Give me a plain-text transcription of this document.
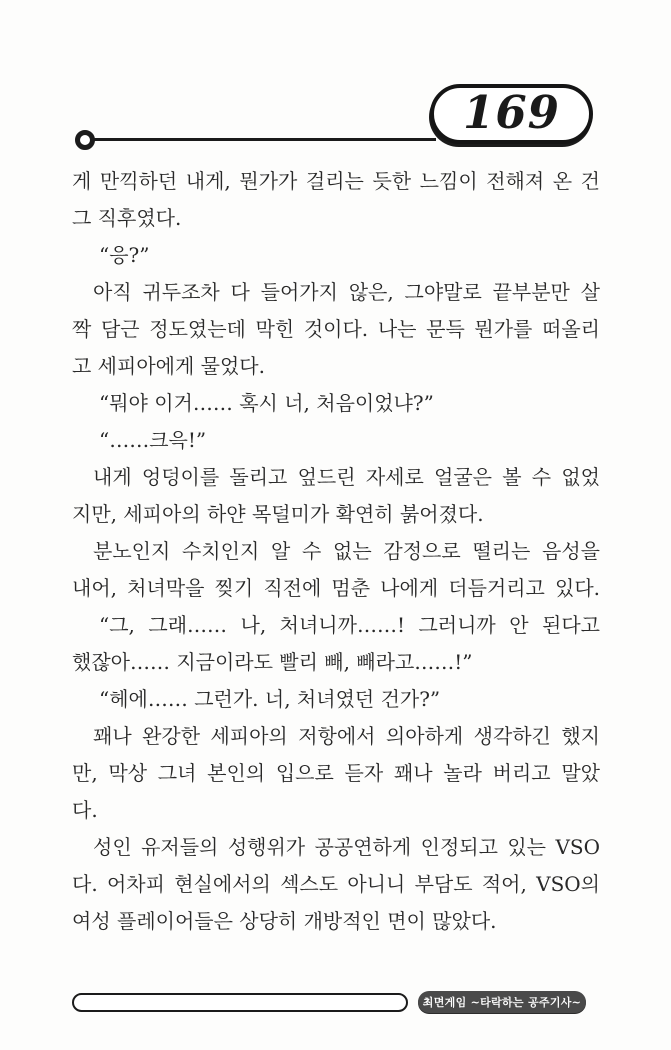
169
게 만끽하던 내게, 뭔가가 걸리는 듯한 느낌이 전해져 온 건
그 직후였다.
“응?”
아직 귀두조차 다 들어가지 않은, 그야말로 끝부분만 살
짝 담근 정도였는데 막힌 것이다. 나는 문득 뭔가를 떠올리
고 세피아에게 물었다.
“뭐야 이거…… 혹시 너, 처음이었냐?”
“……크윽!”
내게 엉덩이를 돌리고 엎드린 자세로 얼굴은 볼 수 없었
지만, 세피아의 하얀 목덜미가 확연히 붉어졌다.
분노인지 수치인지 알 수 없는 감정으로 떨리는 음성을
내어, 처녀막을 찢기 직전에 멈춘 나에게 더듬거리고 있다.
“그, 그래…… 나, 처녀니까……! 그러니까 안 된다고
했잖아…… 지금이라도 빨리 빼, 빼라고……!”
“헤에…… 그런가. 너, 처녀였던 건가?”
꽤나 완강한 세피아의 저항에서 의아하게 생각하긴 했지
만, 막상 그녀 본인의 입으로 듣자 꽤나 놀라 버리고 말았
다.
성인 유저들의 성행위가 공공연하게 인정되고 있는 VSO
다. 어차피 현실에서의 섹스도 아니니 부담도 적어, VSO의
여성 플레이어들은 상당히 개방적인 면이 많았다.
최면게임 ~타락하는 공주기사~
